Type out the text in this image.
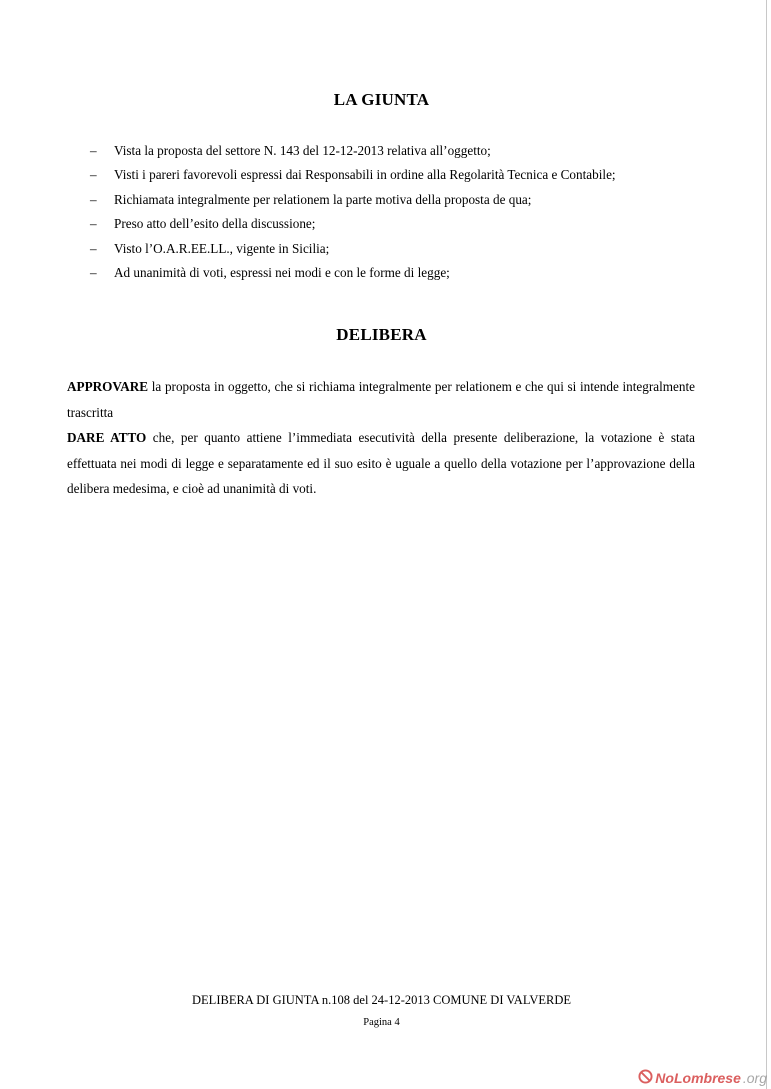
LA GIUNTA
– Vista la proposta del settore N. 143 del 12-12-2013 relativa all’oggetto;
– Visti i pareri favorevoli espressi dai Responsabili in ordine alla Regolarità Tecnica e Contabile;
– Richiamata integralmente per relationem la parte motiva della proposta de qua;
– Preso atto dell’esito della discussione;
– Visto l’O.A.R.EE.LL., vigente in Sicilia;
– Ad unanimità di voti, espressi nei modi e con le forme di legge;
DELIBERA
APPROVARE la proposta in oggetto, che si richiama integralmente per relationem e che qui si intende integralmente trascritta
DARE ATTO che, per quanto attiene l’immediata esecutività della presente deliberazione, la votazione è stata effettuata nei modi di legge e separatamente ed il suo esito è uguale a quello della votazione per l’approvazione della delibera medesima, e cioè ad unanimità di voti.
DELIBERA DI GIUNTA n.108 del 24-12-2013 COMUNE DI VALVERDE
Pagina 4
NoLombrese .org
